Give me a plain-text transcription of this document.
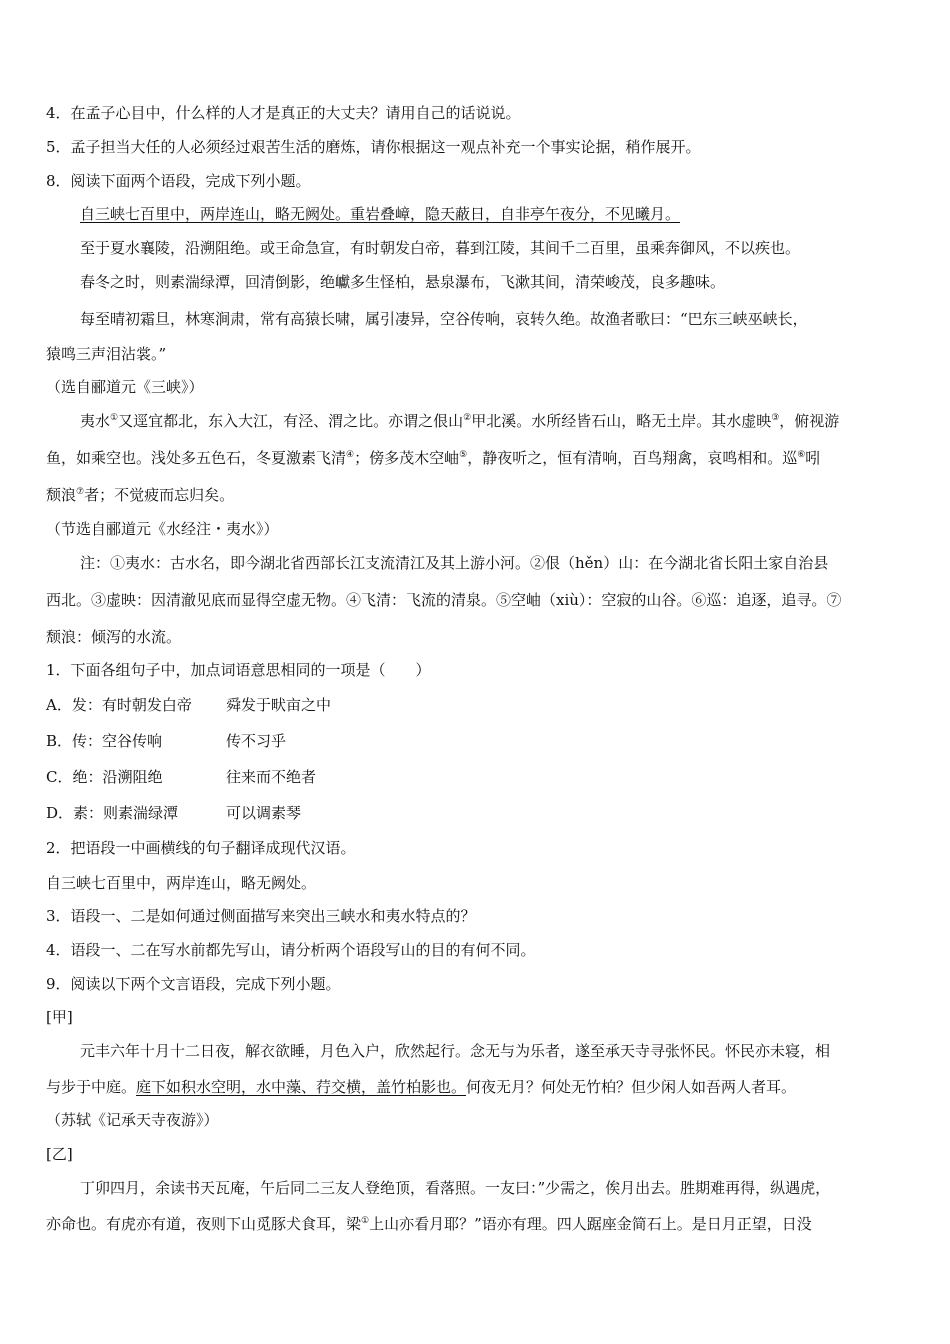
4．在孟子心目中，什么样的人才是真正的大丈夫？请用自己的话说说。
5．孟子担当大任的人必须经过艰苦生活的磨炼，请你根据这一观点补充一个事实论据，稍作展开。
8．阅读下面两个语段，完成下列小题。
自三峡七百里中，两岸连山，略无阙处。重岩叠嶂，隐天蔽日，自非亭午夜分，不见曦月。
至于夏水襄陵，沿溯阻绝。或王命急宣，有时朝发白帝，暮到江陵，其间千二百里，虽乘奔御风，不以疾也。
春冬之时，则素湍绿潭，回清倒影，绝巘多生怪柏，悬泉瀑布，飞漱其间，清荣峻茂，良多趣味。
每至晴初霜旦，林寒涧肃，常有高猿长啸，属引凄异，空谷传响，哀转久绝。故渔者歌曰：“巴东三峡巫峡长，
猿鸣三声泪沾裳。”
（选自郦道元《三峡》）
夷水①又逕宜都北，东入大江，有泾、渭之比。亦谓之佷山②甲北溪。水所经皆石山，略无土岸。其水虚映③，俯视游
鱼，如乘空也。浅处多五色石，冬夏激素飞清④；傍多茂木空岫⑤，静夜听之，恒有清响，百鸟翔禽，哀鸣相和。巡⑥吲
颓浪⑦者；不觉疲而忘归矣。
（节选自郦道元《水经注・夷水》）
注：①夷水：古水名，即今湖北省西部长江支流清江及其上游小河。②佷（hěn）山：在今湖北省长阳土家自治县
西北。③虚映：因清澈见底而显得空虚无物。④飞清：飞流的清泉。⑤空岫（xiù）：空寂的山谷。⑥巡：追逐，追寻。⑦
颓浪：倾泻的水流。
1．下面各组句子中，加点词语意思相同的一项是（　　）
A．发：有时朝发白帝 舜发于畎亩之中
B．传：空谷传响	传不习乎
C．绝：沿溯阻绝	往来而不绝者
D．素：则素湍绿潭	可以调素琴
2．把语段一中画横线的句子翻译成现代汉语。
自三峡七百里中，两岸连山，略无阙处。
3．语段一、二是如何通过侧面描写来突出三峡水和夷水特点的？
4．语段一、二在写水前都先写山，请分析两个语段写山的目的有何不同。
9．阅读以下两个文言语段，完成下列小题。
[甲]
元丰六年十月十二日夜，解衣欲睡，月色入户，欣然起行。念无与为乐者，遂至承天寺寻张怀民。怀民亦未寝，相
与步于中庭。庭下如积水空明，水中藻、荇交横，盖竹柏影也。何夜无月？何处无竹柏？但少闲人如吾两人者耳。
（苏轼《记承天寺夜游》）
[乙]
丁卯四月，余读书天瓦庵，午后同二三友人登绝顶，看落照。一友曰：”少需之，俟月出去。胜期难再得，纵遇虎，
亦命也。有虎亦有道，夜则下山觅豚犬食耳，梁①上山亦看月耶？”语亦有理。四人踞座金简石上。是日月正望，日没
